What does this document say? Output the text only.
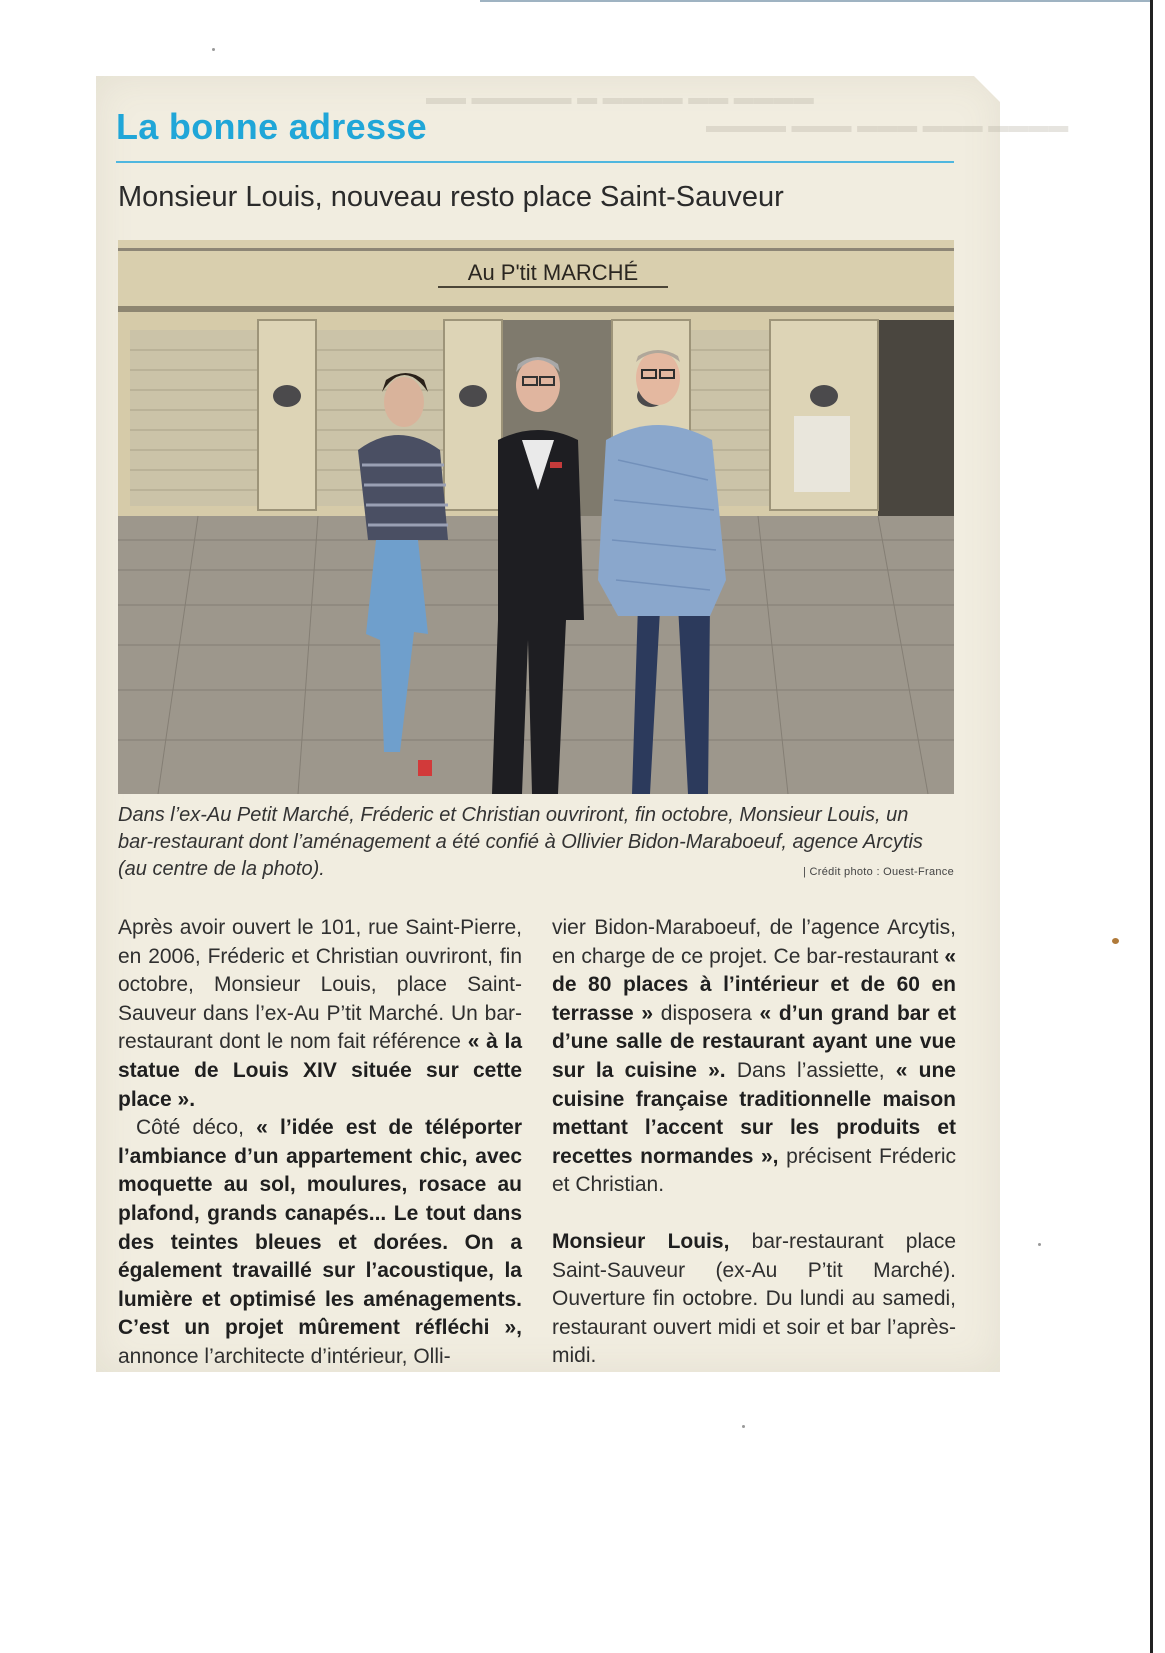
▬▬ ▬▬▬▬▬ ▬ ▬▬▬▬ ▬▬ ▬▬▬▬
▬▬▬▬ ▬▬▬ ▬▬▬ ▬▬▬ ▬▬▬▬
La bonne adresse
Monsieur Louis, nouveau resto place Saint-Sauveur
Au P'tit MARCHÉ
Dans l’ex-Au Petit Marché, Fréderic et Christian ouvriront, fin octobre, Monsieur Louis, un bar-restaurant dont l’aménagement a été confié à Ollivier Bidon-Maraboeuf, agence Arcytis (au centre de la photo).	| Crédit photo : Ouest-France

Après avoir ouvert le 101, rue Saint-Pierre, en 2006, Fréderic et Christian ouvriront, fin octobre, Monsieur Louis, place Saint-Sauveur dans l’ex-Au P’tit Marché. Un bar-restaurant dont le nom fait référence « à la statue de Louis XIV située sur cette place ».

Côté déco, « l’idée est de téléporter l’ambiance d’un appartement chic, avec moquette au sol, moulures, rosace au plafond, grands canapés... Le tout dans des teintes bleues et dorées. On a également travaillé sur l’acoustique, la lumière et optimisé les aménagements. C’est un projet mûrement réfléchi », annonce l’architecte d’intérieur, Olli-

vier Bidon-Maraboeuf, de l’agence Arcytis, en charge de ce projet. Ce bar-restaurant « de 80 places à l’intérieur et de 60 en terrasse » disposera « d’un grand bar et d’une salle de restaurant ayant une vue sur la cuisine ». Dans l’assiette, « une cuisine française traditionnelle maison mettant l’accent sur les produits et recettes normandes », précisent Fréderic et Christian.

Monsieur Louis, bar-restaurant place Saint-Sauveur (ex-Au P’tit Marché). Ouverture fin octobre. Du lundi au samedi, restaurant ouvert midi et soir et bar l’après-midi.
